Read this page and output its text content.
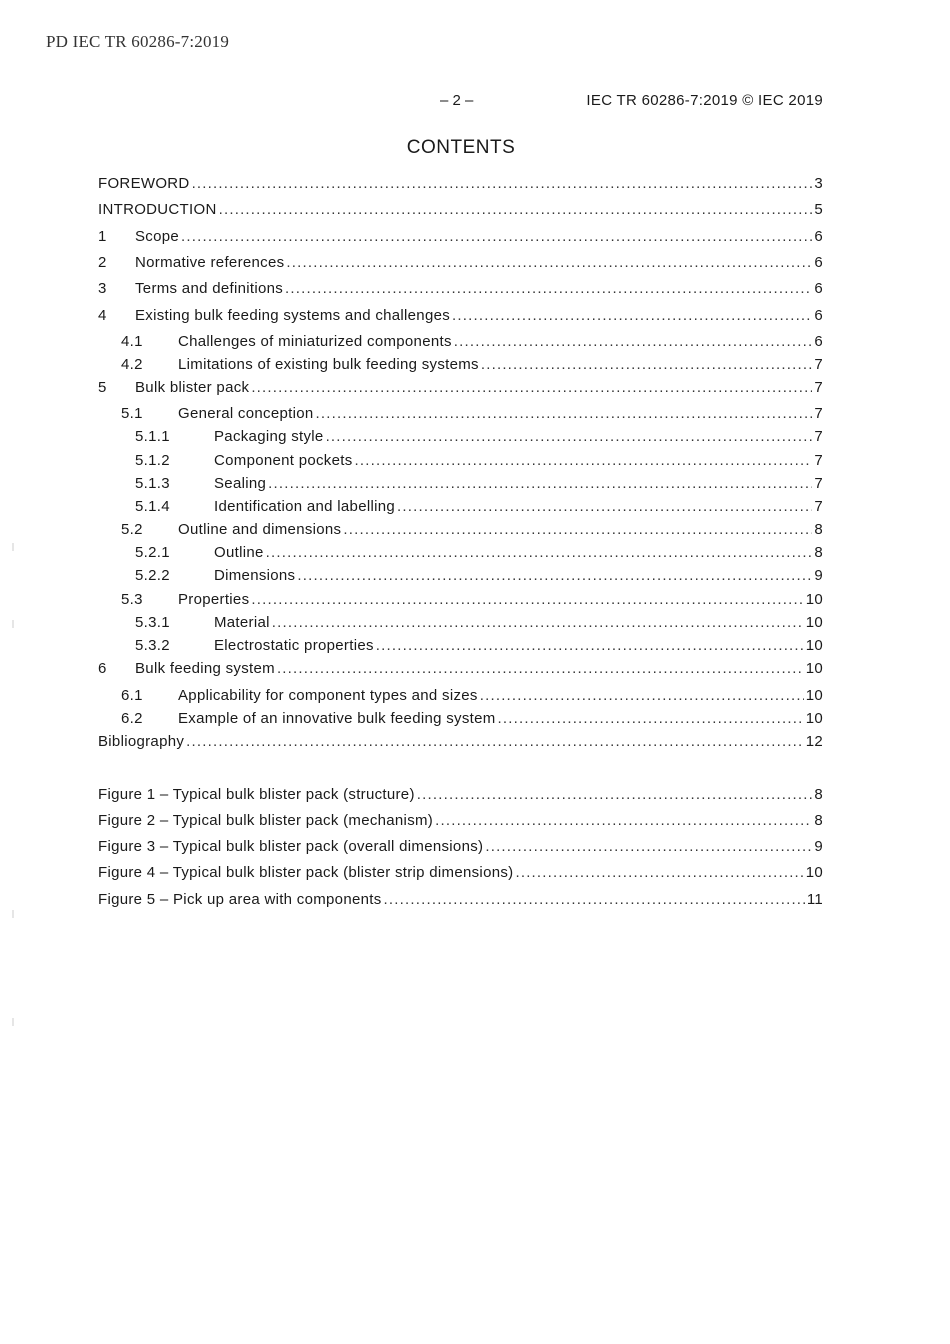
PD IEC TR 60286-7:2019
– 2 –	IEC TR 60286-7:2019 © IEC 2019
CONTENTS
FOREWORD .....	3
INTRODUCTION .....	5
1	Scope .....	6
2	Normative references .....	6
3	Terms and definitions .....	6
4	Existing bulk feeding systems and challenges .....	6
4.1	Challenges of miniaturized components .....	6
4.2	Limitations of existing bulk feeding systems .....	7
5	Bulk blister pack .....	7
5.1	General conception .....	7
5.1.1	Packaging style .....	7
5.1.2	Component pockets .....	7
5.1.3	Sealing .....	7
5.1.4	Identification and labelling .....	7
5.2	Outline and dimensions .....	8
5.2.1	Outline .....	8
5.2.2	Dimensions .....	9
5.3	Properties .....	10
5.3.1	Material .....	10
5.3.2	Electrostatic properties .....	10
6	Bulk feeding system .....	10
6.1	Applicability for component types and sizes .....	10
6.2	Example of an innovative bulk feeding system .....	10
Bibliography .....	12
Figure 1 – Typical bulk blister pack (structure) .....	8
Figure 2 – Typical bulk blister pack (mechanism) .....	8
Figure 3 – Typical bulk blister pack (overall dimensions) .....	9
Figure 4 – Typical bulk blister pack (blister strip dimensions) .....	10
Figure 5 – Pick up area with components .....	11
